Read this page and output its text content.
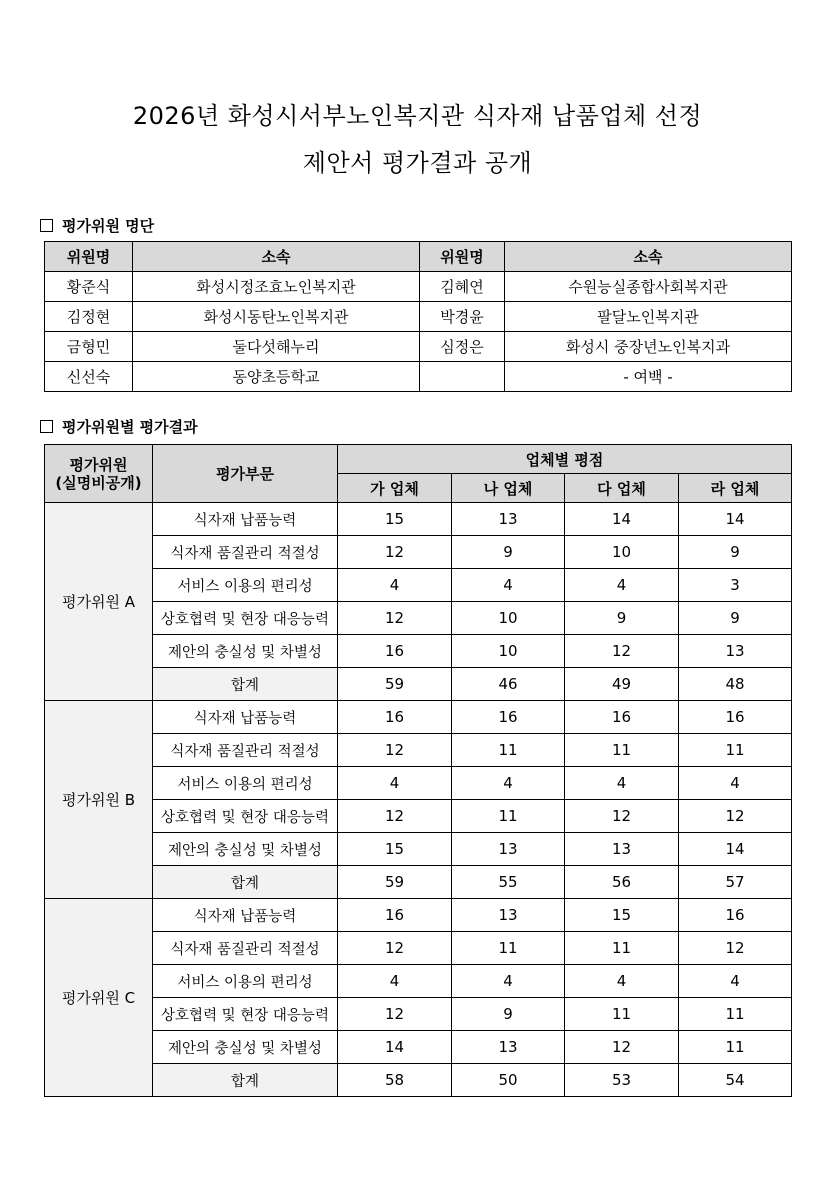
2026년 화성시서부노인복지관 식자재 납품업체 선정
제안서 평가결과 공개
평가위원 명단
위원명	소속	위원명	소속
황준식	화성시정조효노인복지관	김혜연	수원능실종합사회복지관
김정현	화성시동탄노인복지관	박경윤	팔달노인복지관
금형민	둘다섯해누리	심정은	화성시 중장년노인복지과
신선숙	동양초등학교		- 여백 -
평가위원별 평가결과
평가위원
(실명비공개)	평가부문	업체별 평점			
		가 업체	나 업체	다 업체	라 업체
평가위원 A	식자재 납품능력	15	13	14	14
	식자재 품질관리 적절성	12	9	10	9
	서비스 이용의 편리성	4	4	4	3
	상호협력 및 현장 대응능력	12	10	9	9
	제안의 충실성 및 차별성	16	10	12	13
	합계	59	46	49	48
평가위원 B	식자재 납품능력	16	16	16	16
	식자재 품질관리 적절성	12	11	11	11
	서비스 이용의 편리성	4	4	4	4
	상호협력 및 현장 대응능력	12	11	12	12
	제안의 충실성 및 차별성	15	13	13	14
	합계	59	55	56	57
평가위원 C	식자재 납품능력	16	13	15	16
	식자재 품질관리 적절성	12	11	11	12
	서비스 이용의 편리성	4	4	4	4
	상호협력 및 현장 대응능력	12	9	11	11
	제안의 충실성 및 차별성	14	13	12	11
	합계	58	50	53	54
